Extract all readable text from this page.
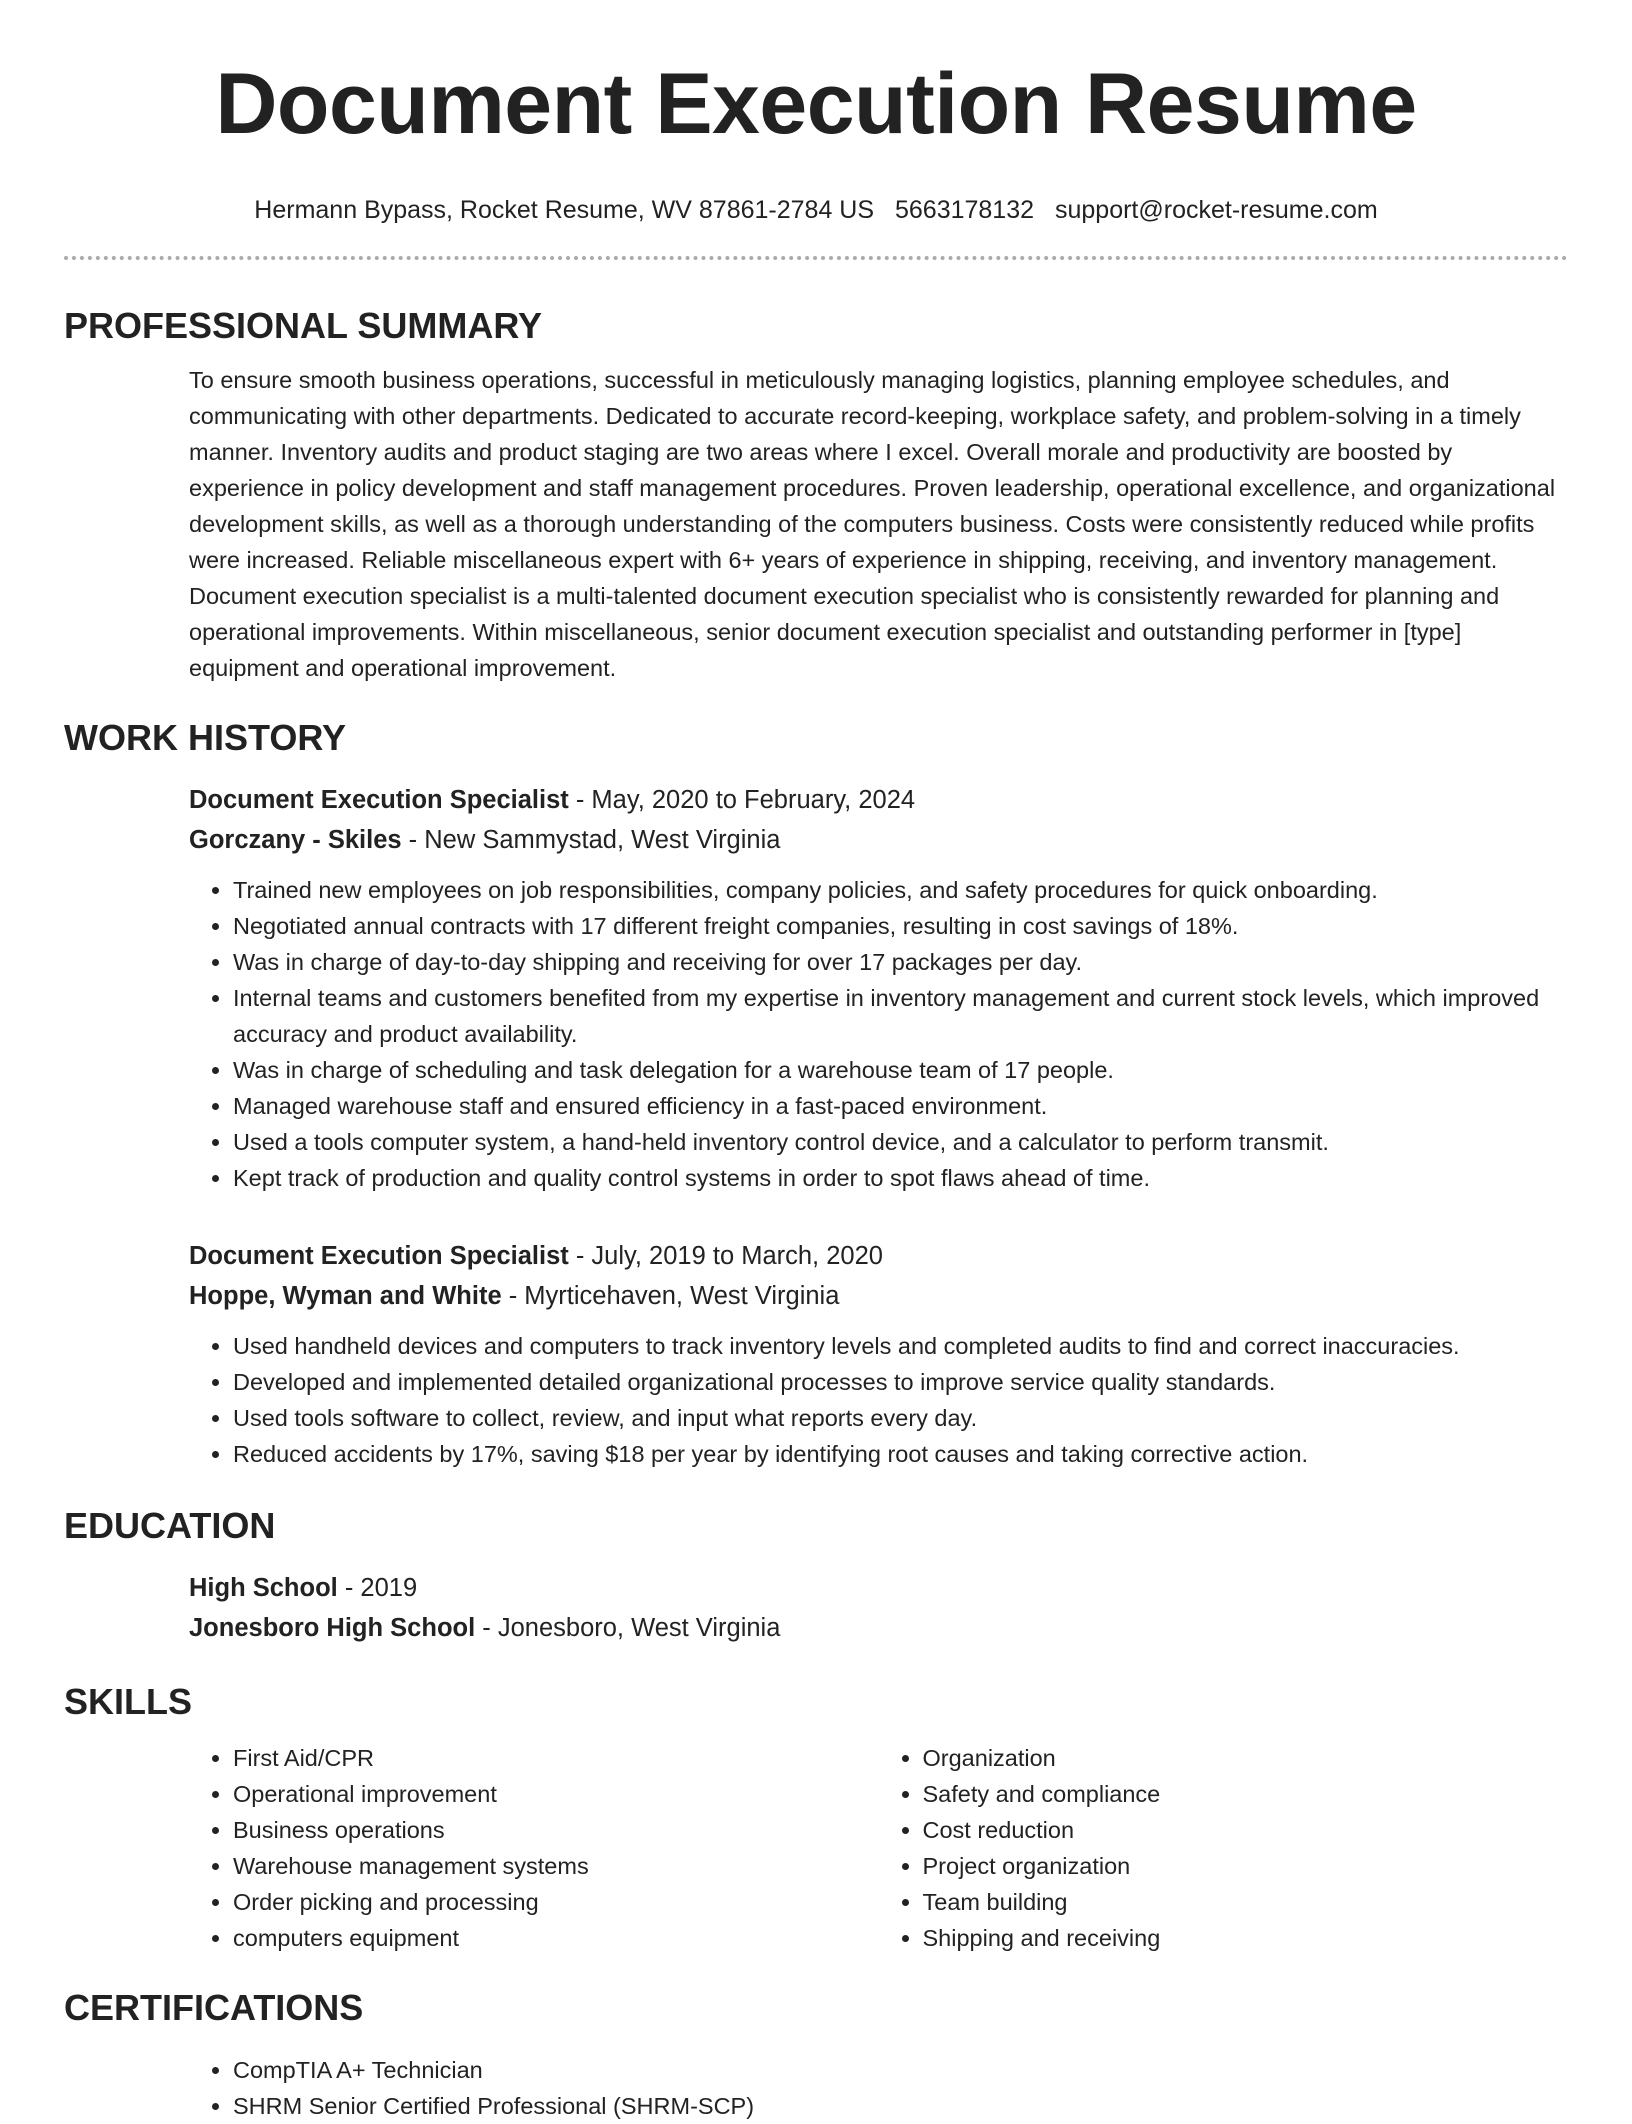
Document Execution Resume
Hermann Bypass, Rocket Resume, WV 87861-2784 US 5663178132 support@rocket-resume.com
PROFESSIONAL SUMMARY

To ensure smooth business operations, successful in meticulously managing logistics, planning employee schedules, and communicating with other departments. Dedicated to accurate record-keeping, workplace safety, and problem-solving in a timely manner. Inventory audits and product staging are two areas where I excel. Overall morale and productivity are boosted by experience in policy development and staff management procedures. Proven leadership, operational excellence, and organizational development skills, as well as a thorough understanding of the computers business. Costs were consistently reduced while profits were increased. Reliable miscellaneous expert with 6+ years of experience in shipping, receiving, and inventory management. Document execution specialist is a multi-talented document execution specialist who is consistently rewarded for planning and operational improvements. Within miscellaneous, senior document execution specialist and outstanding performer in [type] equipment and operational improvement.

WORK HISTORY
Document Execution Specialist - May, 2020 to February, 2024
Gorczany - Skiles - New Sammystad, West Virginia
• Trained new employees on job responsibilities, company policies, and safety procedures for quick onboarding.
• Negotiated annual contracts with 17 different freight companies, resulting in cost savings of 18%.
• Was in charge of day-to-day shipping and receiving for over 17 packages per day.
• Internal teams and customers benefited from my expertise in inventory management and current stock levels, which improved accuracy and product availability.
• Was in charge of scheduling and task delegation for a warehouse team of 17 people.
• Managed warehouse staff and ensured efficiency in a fast-paced environment.
• Used a tools computer system, a hand-held inventory control device, and a calculator to perform transmit.
• Kept track of production and quality control systems in order to spot flaws ahead of time.
Document Execution Specialist - July, 2019 to March, 2020
Hoppe, Wyman and White - Myrticehaven, West Virginia
• Used handheld devices and computers to track inventory levels and completed audits to find and correct inaccuracies.
• Developed and implemented detailed organizational processes to improve service quality standards.
• Used tools software to collect, review, and input what reports every day.
• Reduced accidents by 17%, saving $18 per year by identifying root causes and taking corrective action.
EDUCATION
High School - 2019
Jonesboro High School - Jonesboro, West Virginia
SKILLS
• First Aid/CPR
• Operational improvement
• Business operations
• Warehouse management systems
• Order picking and processing
• computers equipment
• Organization
• Safety and compliance
• Cost reduction
• Project organization
• Team building
• Shipping and receiving
CERTIFICATIONS
• CompTIA A+ Technician
• SHRM Senior Certified Professional (SHRM-SCP)
